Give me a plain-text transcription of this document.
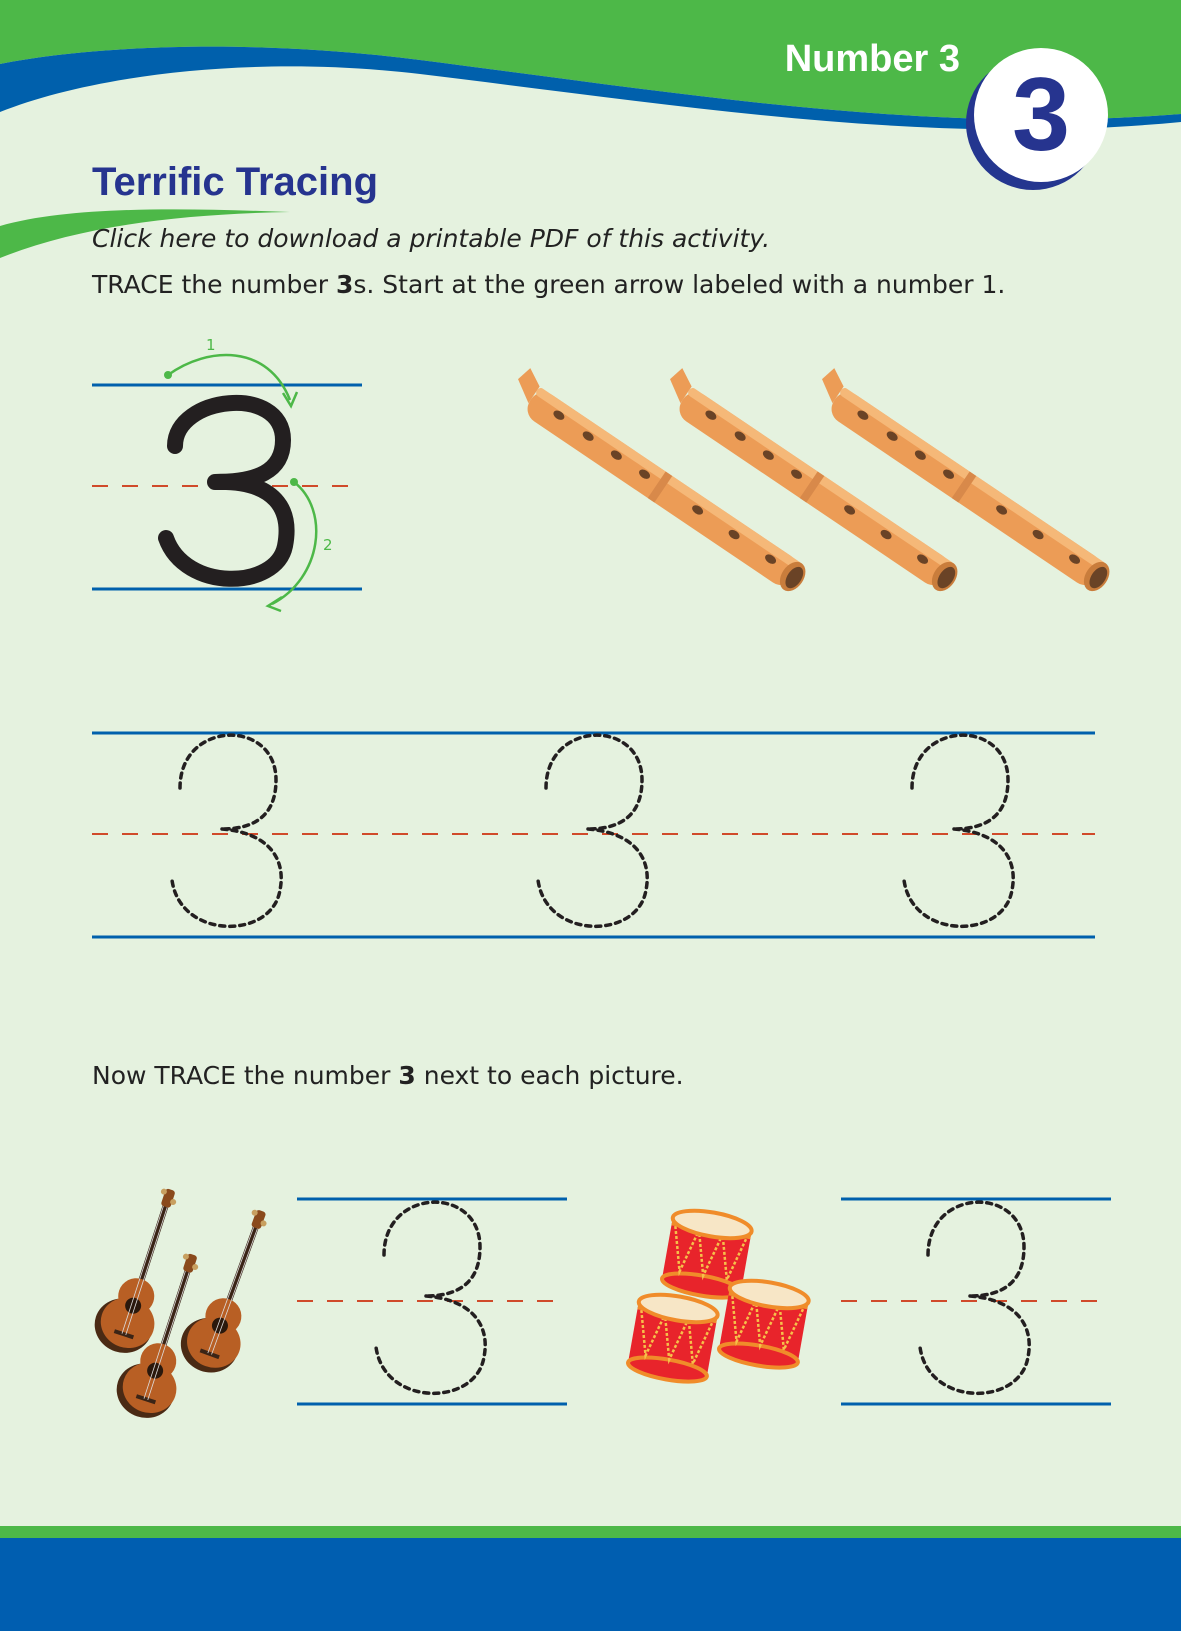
Number 3 3
Terrific Tracing
Click here to download a printable PDF of this activity.
TRACE the number 3s. Start at the green arrow labeled with a number 1.
1
2
Now TRACE the number 3 next to each picture.
